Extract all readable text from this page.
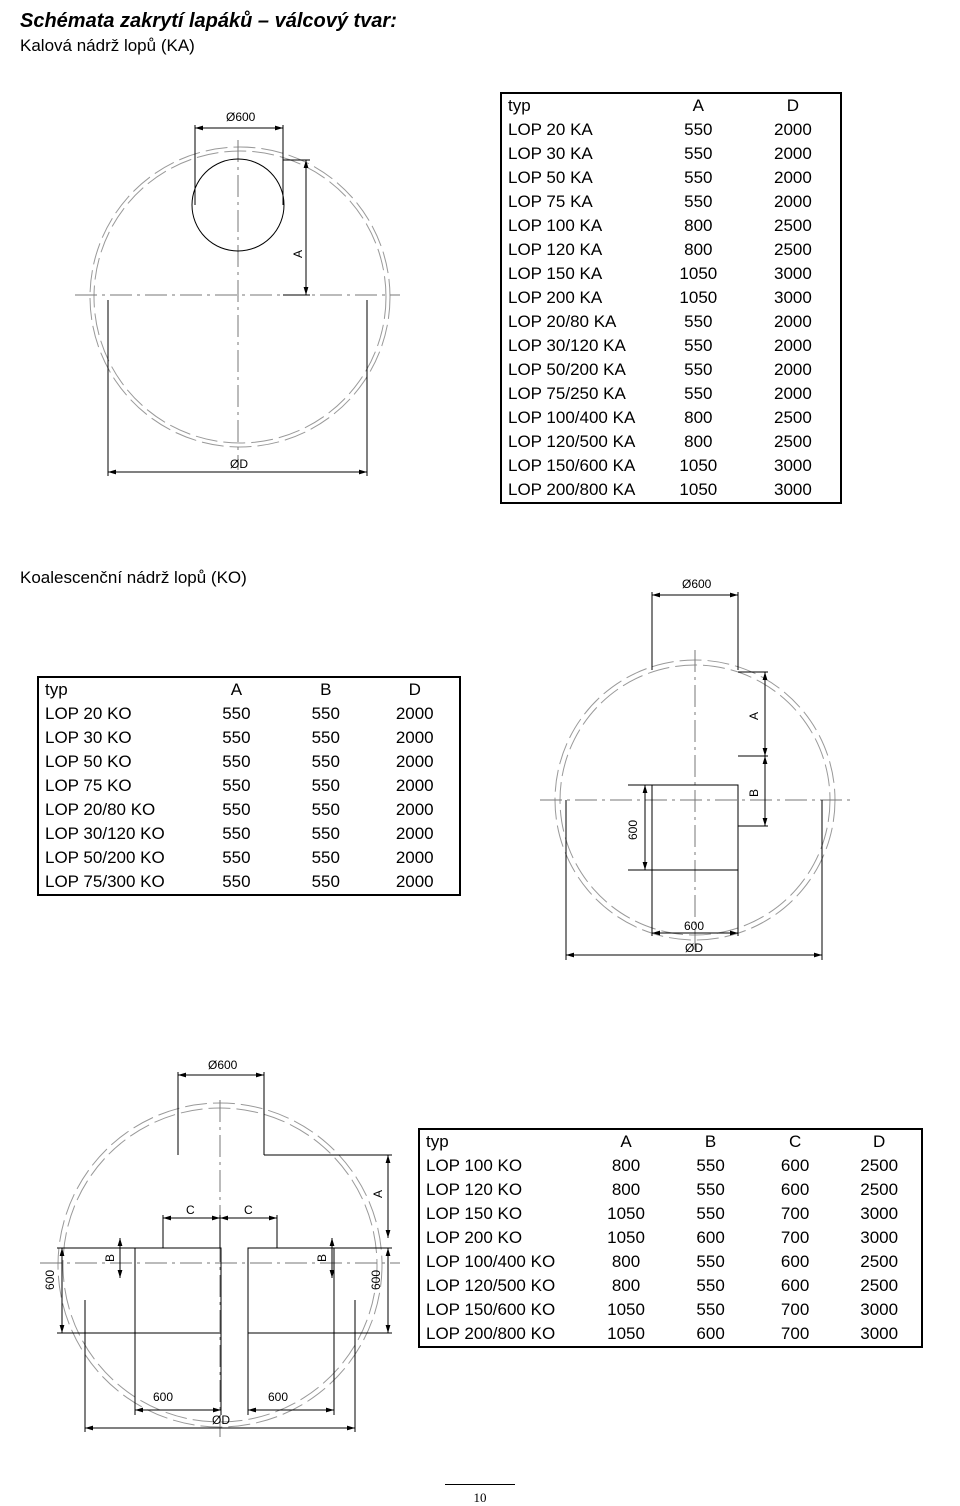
Schémata zakrytí lapáků – válcový tvar:
Kalová nádrž lopů (KA)
Koalescenční nádrž lopů (KO)
Ø600
A
ØD
Ø600
A
B
600
600
ØD
Ø600
A
C	C
B	B
600	600
600	600
ØD
typ	A	D
LOP 20 KA	550	2000
LOP 30 KA	550	2000
LOP 50 KA	550	2000
LOP 75 KA	550	2000
LOP 100 KA	800	2500
LOP 120 KA	800	2500
LOP 150 KA	1050	3000
LOP 200 KA	1050	3000
LOP 20/80 KA	550	2000
LOP 30/120 KA	550	2000
LOP 50/200 KA	550	2000
LOP 75/250 KA	550	2000
LOP 100/400 KA	800	2500
LOP 120/500 KA	800	2500
LOP 150/600 KA	1050	3000
LOP 200/800 KA	1050	3000
typ	A	B	D
LOP 20 KO	550	550	2000
LOP 30 KO	550	550	2000
LOP 50 KO	550	550	2000
LOP 75 KO	550	550	2000
LOP 20/80 KO	550	550	2000
LOP 30/120 KO	550	550	2000
LOP 50/200 KO	550	550	2000
LOP 75/300 KO	550	550	2000
typ	A	B	C	D
LOP 100 KO	800	550	600	2500
LOP 120 KO	800	550	600	2500
LOP 150 KO	1050	550	700	3000
LOP 200 KO	1050	600	700	3000
LOP 100/400 KO	800	550	600	2500
LOP 120/500 KO	800	550	600	2500
LOP 150/600 KO	1050	550	700	3000
LOP 200/800 KO	1050	600	700	3000
10
